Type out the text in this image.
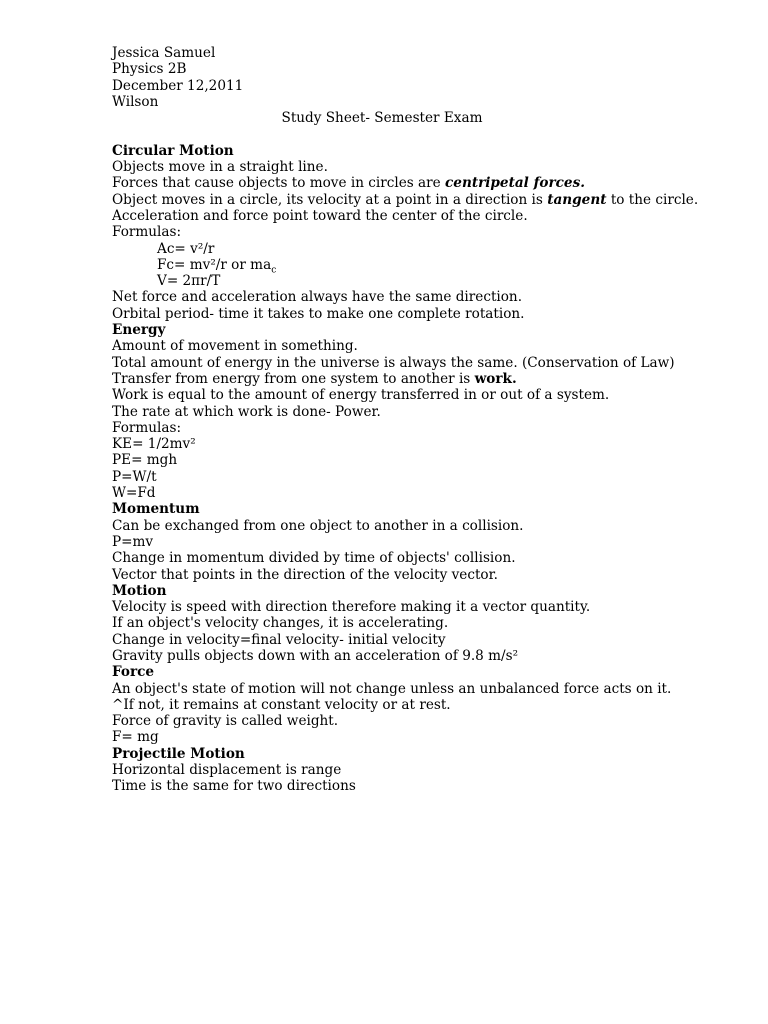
Jessica Samuel
Physics 2B
December 12,2011
Wilson
Study Sheet- Semester Exam
Circular Motion
Objects move in a straight line.
Forces that cause objects to move in circles are centripetal forces.
Object moves in a circle, its velocity at a point in a direction is tangent to the circle.
Acceleration and force point toward the center of the circle.
Formulas:
Ac= v²/r
Fc= mv²/r or $ma_c$
V= 2πr/T
Net force and acceleration always have the same direction.
Orbital period- time it takes to make one complete rotation.
Energy
Amount of movement in something.
Total amount of energy in the universe is always the same. (Conservation of Law)
Transfer from energy from one system to another is work.
Work is equal to the amount of energy transferred in or out of a system.
The rate at which work is done- Power.
Formulas:
KE= 1/2mv²
PE= mgh
P=W/t
W=Fd
Momentum
Can be exchanged from one object to another in a collision.
P=mv
Change in momentum divided by time of objects' collision.
Vector that points in the direction of the velocity vector.
Motion
Velocity is speed with direction therefore making it a vector quantity.
If an object's velocity changes, it is accelerating.
Change in velocity=final velocity- initial velocity
Gravity pulls objects down with an acceleration of 9.8 m/s²
Force
An object's state of motion will not change unless an unbalanced force acts on it.
^If not, it remains at constant velocity or at rest.
Force of gravity is called weight.
F= mg
Projectile Motion
Horizontal displacement is range
Time is the same for two directions
